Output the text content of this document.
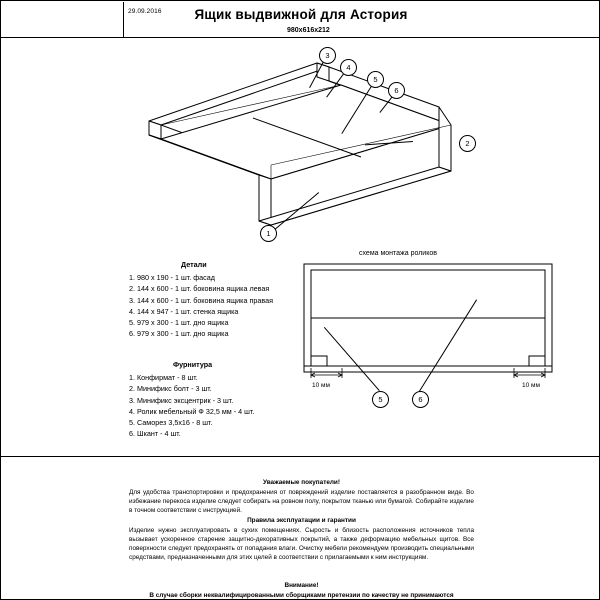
29.09.2016	Ящик выдвижной для Астория
980х616х212
3
4
5
6
2
1
Детали
1. 980 х 190 - 1 шт. фасад
2. 144 х 600 - 1 шт. боковина ящика левая
3. 144 х 600 - 1 шт. боковина ящика правая
4. 144 х 947 - 1 шт. стенка ящика
5. 979 х 300 - 1 шт. дно ящика
6. 979 х 300 - 1 шт. дно ящика
Фурнитура
1. Конфирмат - 8 шт.
2. Минификс болт - 3 шт.
3. Минификс эксцентрик - 3 шт.
4. Ролик мебельный Ф 32,5 мм - 4 шт.
5. Саморез 3,5х16 - 8 шт.
6. Шкант - 4 шт.
схема монтажа роликов
10 мм	10 мм
5	6
Уважаемые покупатели!
Для удобства транспортировки и предохранения от повреждений изделие поставляется в разобранном виде. Во избежание перекоса изделие следует собирать на ровном полу, покрытом тканью или бумагой. Собирайте изделие в точном соответствии с инструкцией.
Правила эксплуатации и гарантии
Изделие нужно эксплуатировать в сухих помещениях. Сырость и близость расположения источников тепла вызывает ускоренное старение защитно-декоративных покрытий, а также деформацию мебельных щитов. Все поверхности следует предохранять от попадания влаги. Очистку мебели рекомендуем производить специальными средствами, предназначенными для этих целей в соответствии с прилагаемыми к ним инструкциям.
Внимание!
В случае сборки неквалифицированными сборщиками претензии по качеству не принимаются
